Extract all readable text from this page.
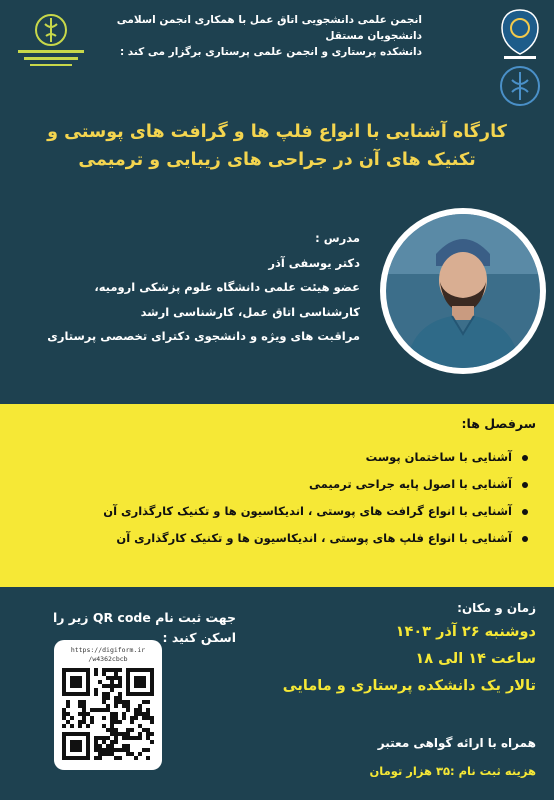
انجمن علمی دانشجویی اتاق عمل با همکاری انجمن اسلامی دانشجویان مستقل
دانشکده پرستاری و انجمن علمی پرستاری برگزار می کند :
کارگاه آشنایی با انواع فلپ ها و گرافت های پوستی و
تکنیک های آن در جراحی های زیبایی و ترمیمی
مدرس :
دکتر یوسفی آذر
عضو هیئت علمی دانشگاه علوم پزشکی ارومیه،
کارشناسی اتاق عمل، کارشناسی ارشد
مراقبت های ویژه و دانشجوی دکترای تخصصی پرستاری
سرفصل ها:
آشنایی با ساختمان پوست
آشنایی با اصول پایه جراحی ترمیمی
آشنایی با انواع گرافت های پوستی ، اندیکاسیون ها و تکنیک کارگذاری آن
آشنایی با انواع فلپ های پوستی ، اندیکاسیون ها و تکنیک کارگذاری آن
زمان و مکان:
دوشنبه ۲۶ آذر ۱۴۰۳
ساعت ۱۴ الی ۱۸
تالار یک دانشکده پرستاری و مامایی
همراه با ارائه گواهی معتبر
هزینه ثبت نام :۳۵ هزار تومان
جهت ثبت نام QR code زیر را
اسکن کنید :
https://digiform.ir
/w4362cbcb
